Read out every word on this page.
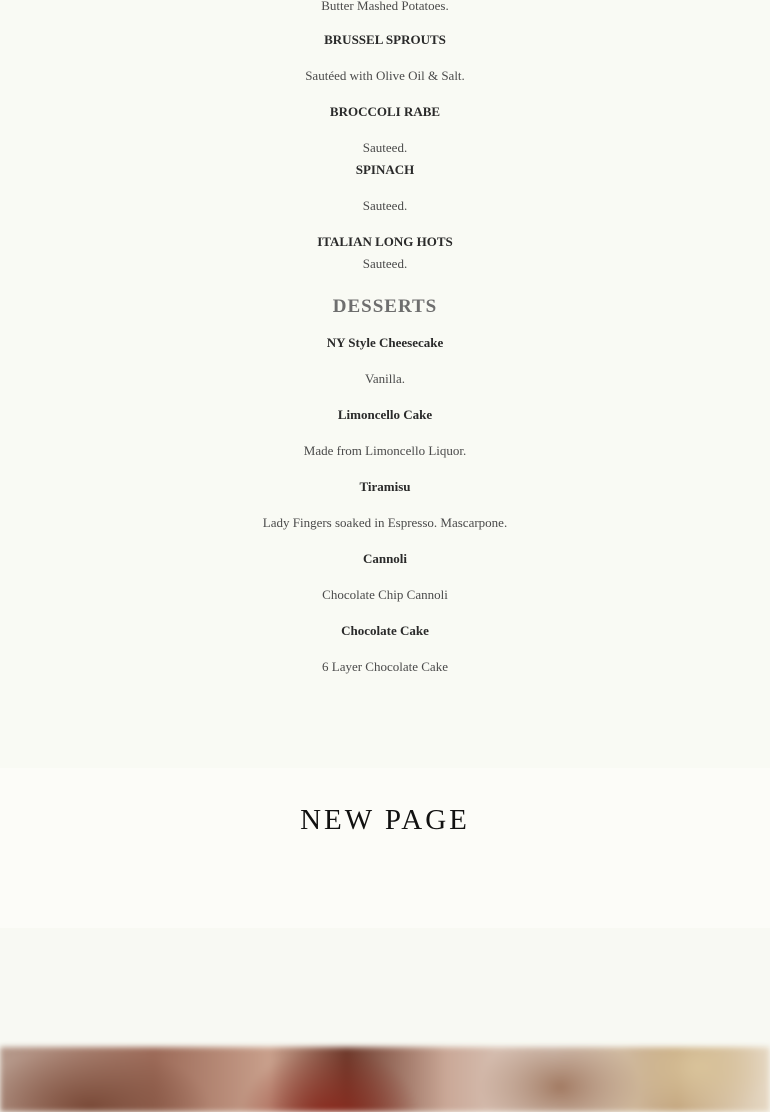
Butter Mashed Potatoes.
BRUSSEL SPROUTS
Sautéed with Olive Oil & Salt.
BROCCOLI RABE
Sauteed.
SPINACH
Sauteed.
ITALIAN LONG HOTS
Sauteed.
DESSERTS
NY Style Cheesecake
Vanilla.
Limoncello Cake
Made from Limoncello Liquor.
Tiramisu
Lady Fingers soaked in Espresso. Mascarpone.
Cannoli
Chocolate Chip Cannoli
Chocolate Cake
6 Layer Chocolate Cake
NEW PAGE
